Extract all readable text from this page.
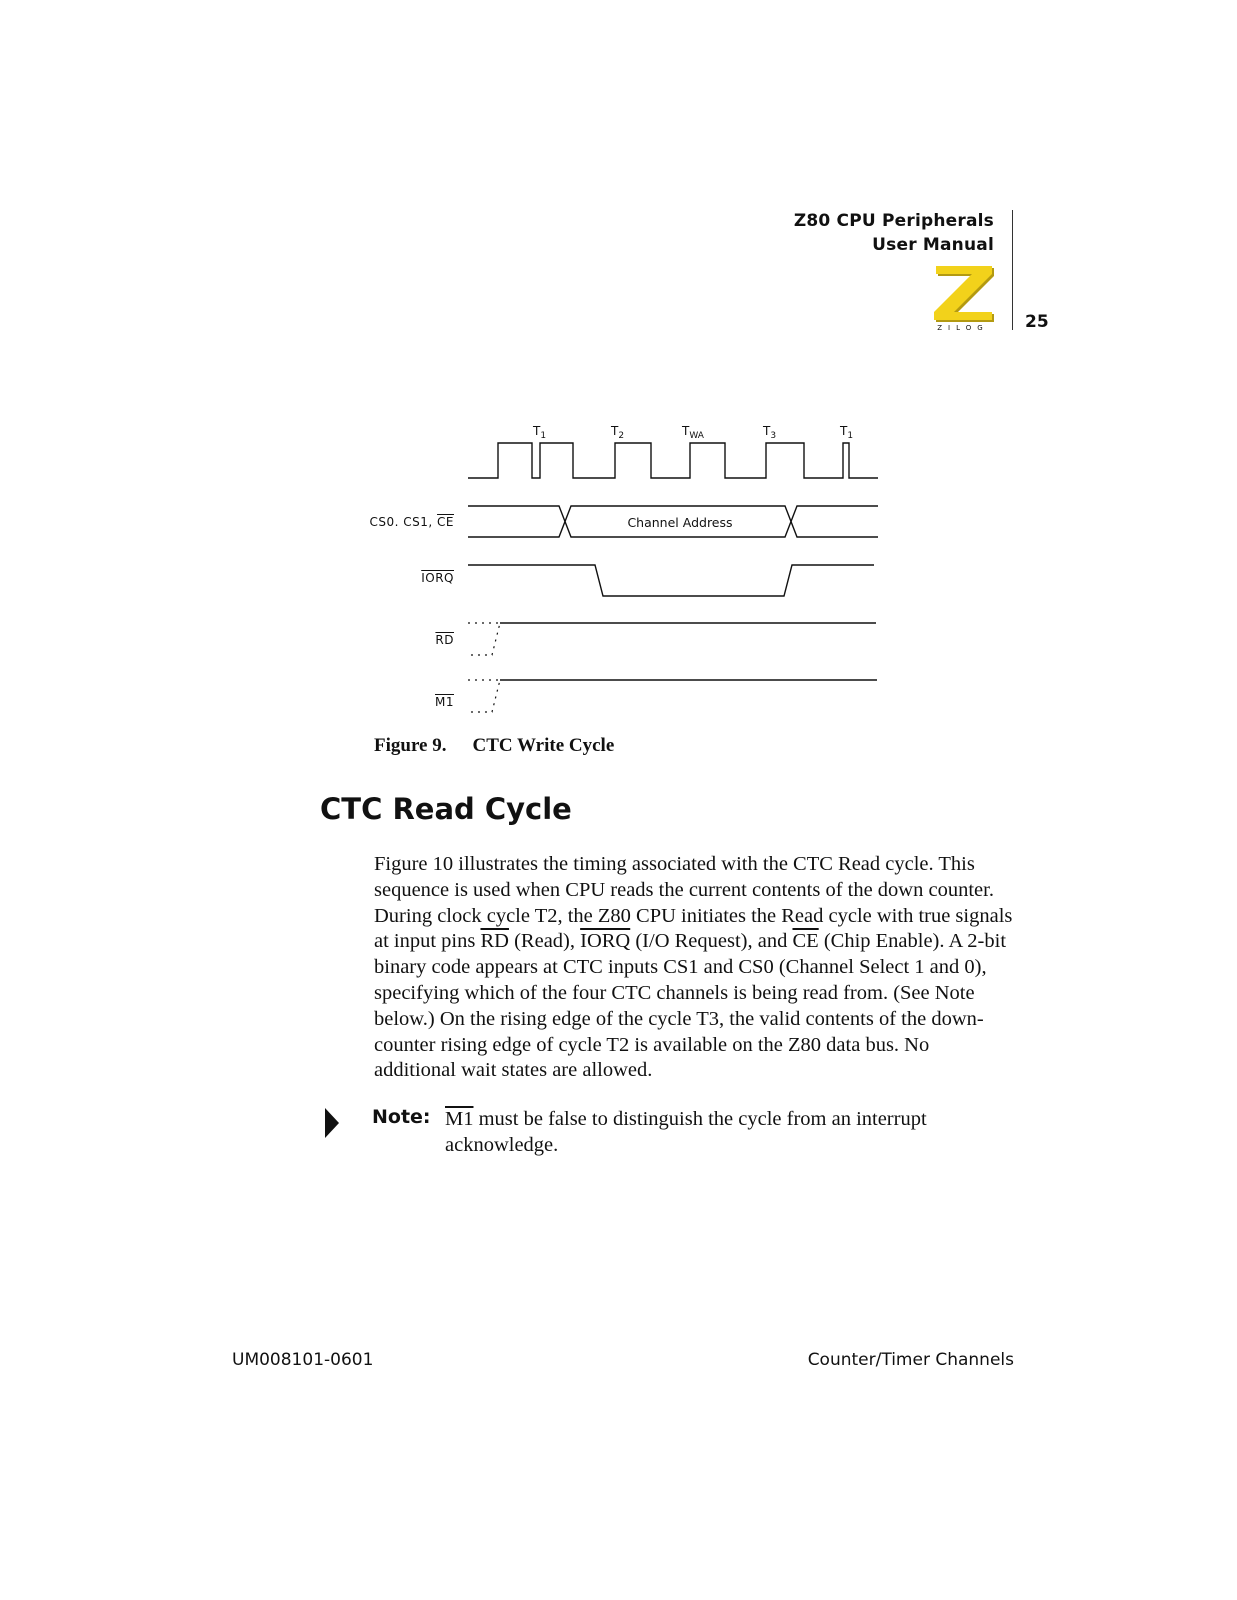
Z80 CPU Peripherals
User Manual
ZILOG 25
$T_1$	$T_2$	$T_{WA}$	$T_3$	$T_1$
CS0. CS1, $\overline{CE}$
IORQ
$\overline{RD}$
M1
Channel Address
Figure 9. CTC Write Cycle
CTC Read Cycle
Figure 10 illustrates the timing associated with the CTC Read cycle. This sequence is used when CPU reads the current contents of the down counter. During clock cycle T2, the Z80 CPU initiates the Read cycle with true signals at input pins $\overline{RD}$ (Read), IORQ (I/O Request), and $\overline{CE}$ (Chip Enable). A 2-bit binary code appears at CTC inputs CS1 and CS0 (Channel Select 1 and 0), specifying which of the four CTC channels is being read from. (See Note below.) On the rising edge of the cycle T3, the valid contents of the down-counter rising edge of cycle T2 is available on the Z80 data bus. No additional wait states are allowed.
Note: M1 must be false to distinguish the cycle from an interrupt acknowledge.
UM008101-0601	Counter/Timer Channels
